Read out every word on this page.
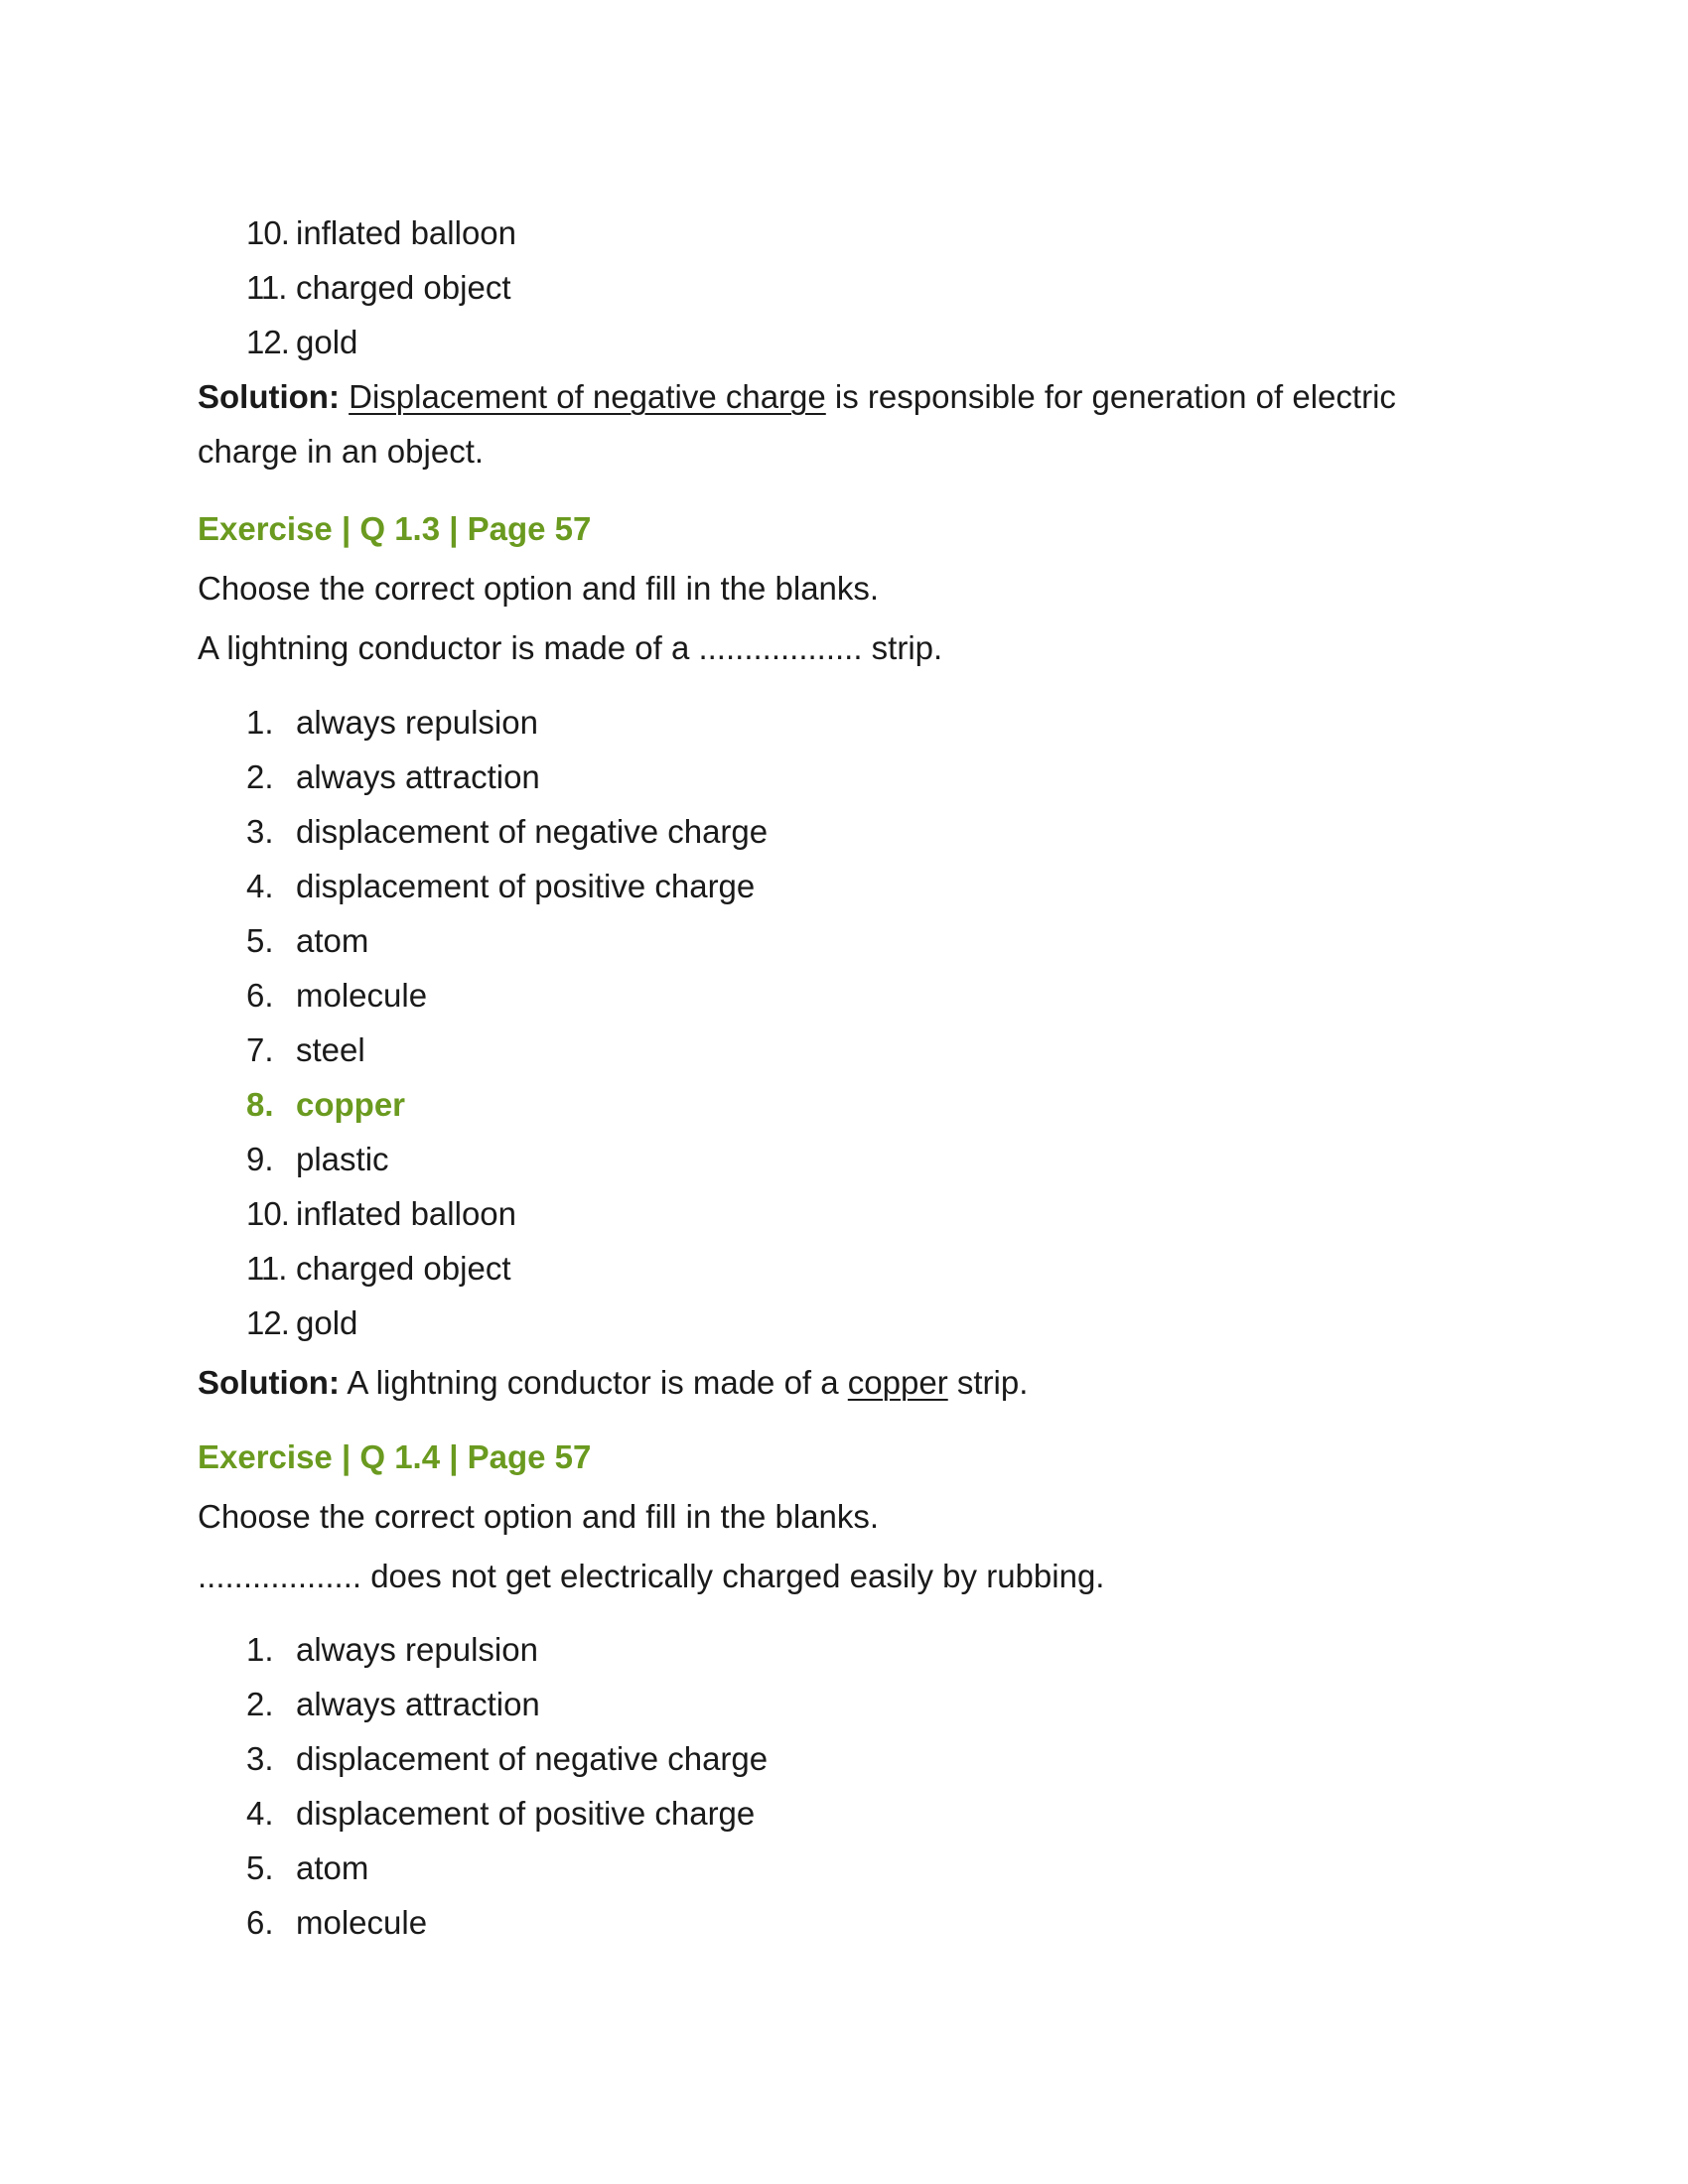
10. inflated balloon
11. charged object
12. gold

Solution: Displacement of negative charge is responsible for generation of electric

charge in an object.

Exercise | Q 1.3 | Page 57

Choose the correct option and fill in the blanks.

A lightning conductor is made of a .................. strip.

1. always repulsion
2. always attraction
3. displacement of negative charge
4. displacement of positive charge
5. atom
6. molecule
7. steel
8. copper
9. plastic
10. inflated balloon
11. charged object
12. gold

Solution: A lightning conductor is made of a copper strip.

Exercise | Q 1.4 | Page 57

Choose the correct option and fill in the blanks.

.................. does not get electrically charged easily by rubbing.

1. always repulsion
2. always attraction
3. displacement of negative charge
4. displacement of positive charge
5. atom
6. molecule
